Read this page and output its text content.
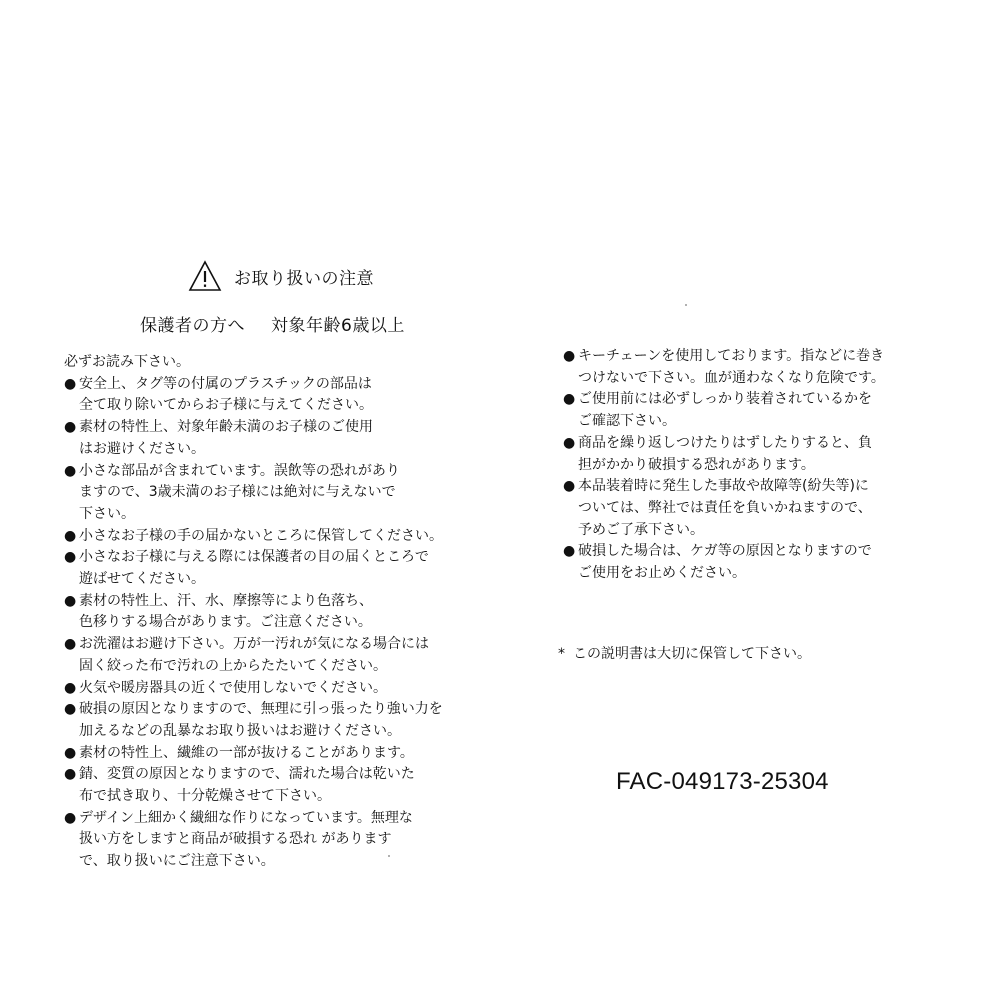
お取り扱いの注意
保護者の方へ 対象年齢6歳以上
必ずお読み下さい。
● 安全上、タグ等の付属のプラスチックの部品は
全て取り除いてからお子様に与えてください。
● 素材の特性上、対象年齢未満のお子様のご使用
はお避けください。
● 小さな部品が含まれています。誤飲等の恐れがあり
ますので、3歳未満のお子様には絶対に与えないで
下さい。
● 小さなお子様の手の届かないところに保管してください。
● 小さなお子様に与える際には保護者の目の届くところで
遊ばせてください。
● 素材の特性上、汗、水、摩擦等により色落ち、
色移りする場合があります。ご注意ください。
● お洗濯はお避け下さい。万が一汚れが気になる場合には
固く絞った布で汚れの上からたたいてください。
● 火気や暖房器具の近くで使用しないでください。
● 破損の原因となりますので、無理に引っ張ったり強い力を
加えるなどの乱暴なお取り扱いはお避けください。
● 素材の特性上、繊維の一部が抜けることがあります。
● 錆、変質の原因となりますので、濡れた場合は乾いた
布で拭き取り、十分乾燥させて下さい。
● デザイン上細かく繊細な作りになっています。無理な
扱い方をしますと商品が破損する恐れ があります
で、取り扱いにご注意下さい。
● キーチェーンを使用しております。指などに巻き
つけないで下さい。血が通わなくなり危険です。
● ご使用前には必ずしっかり装着されているかを
ご確認下さい。
● 商品を繰り返しつけたりはずしたりすると、負
担がかかり破損する恐れがあります。
● 本品装着時に発生した事故や故障等(紛失等)に
ついては、弊社では責任を負いかねますので、
予めご了承下さい。
● 破損した場合は、ケガ等の原因となりますので
ご使用をお止めください。
* この説明書は大切に保管して下さい。
FAC-049173-25304
